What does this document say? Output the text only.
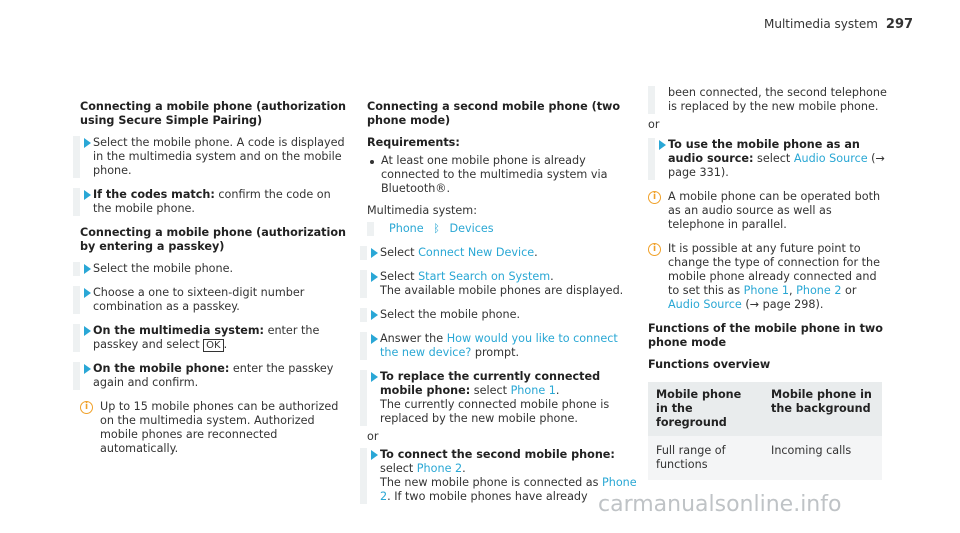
Multimedia system 297
Connecting a mobile phone (authorization using Secure Simple Pairing)
Select the mobile phone. A code is displayed in the multimedia system and on the mobile phone.
If the codes match: confirm the code on the mobile phone.
Connecting a mobile phone (authorization by entering a passkey)
Select the mobile phone.
Choose a one to sixteen-digit number combination as a passkey.
On the multimedia system: enter the passkey and select OK .
On the mobile phone: enter the passkey again and confirm.
i	Up to 15 mobile phones can be authorized on the multimedia system. Authorized mobile phones are reconnected automatically.
Connecting a second mobile phone (two phone mode)
Requirements:
At least one mobile phone is already connected to the multimedia system via Bluetooth®.
Multimedia system:
Phone ᛒ Devices
Select Connect New Device.
Select Start Search on System.
The available mobile phones are displayed.
Select the mobile phone.
Answer the How would you like to connect the new device? prompt.
To replace the currently connected mobile phone: select Phone 1.
The currently connected mobile phone is replaced by the new mobile phone.
or
To connect the second mobile phone:
select Phone 2.
The new mobile phone is connected as Phone 2. If two mobile phones have already
been connected, the second telephone is replaced by the new mobile phone.
or
To use the mobile phone as an audio source: select Audio Source (→ page 331).
i	A mobile phone can be operated both as an audio source as well as telephone in parallel.
i	It is possible at any future point to change the type of connection for the mobile phone already connected and to set this as Phone 1, Phone 2 or Audio Source (→ page 298).
Functions of the mobile phone in two phone mode
Functions overview
Mobile phone in the foreground	Mobile phone in the background
Full range of functions	Incoming calls
carmanualsonline.info
